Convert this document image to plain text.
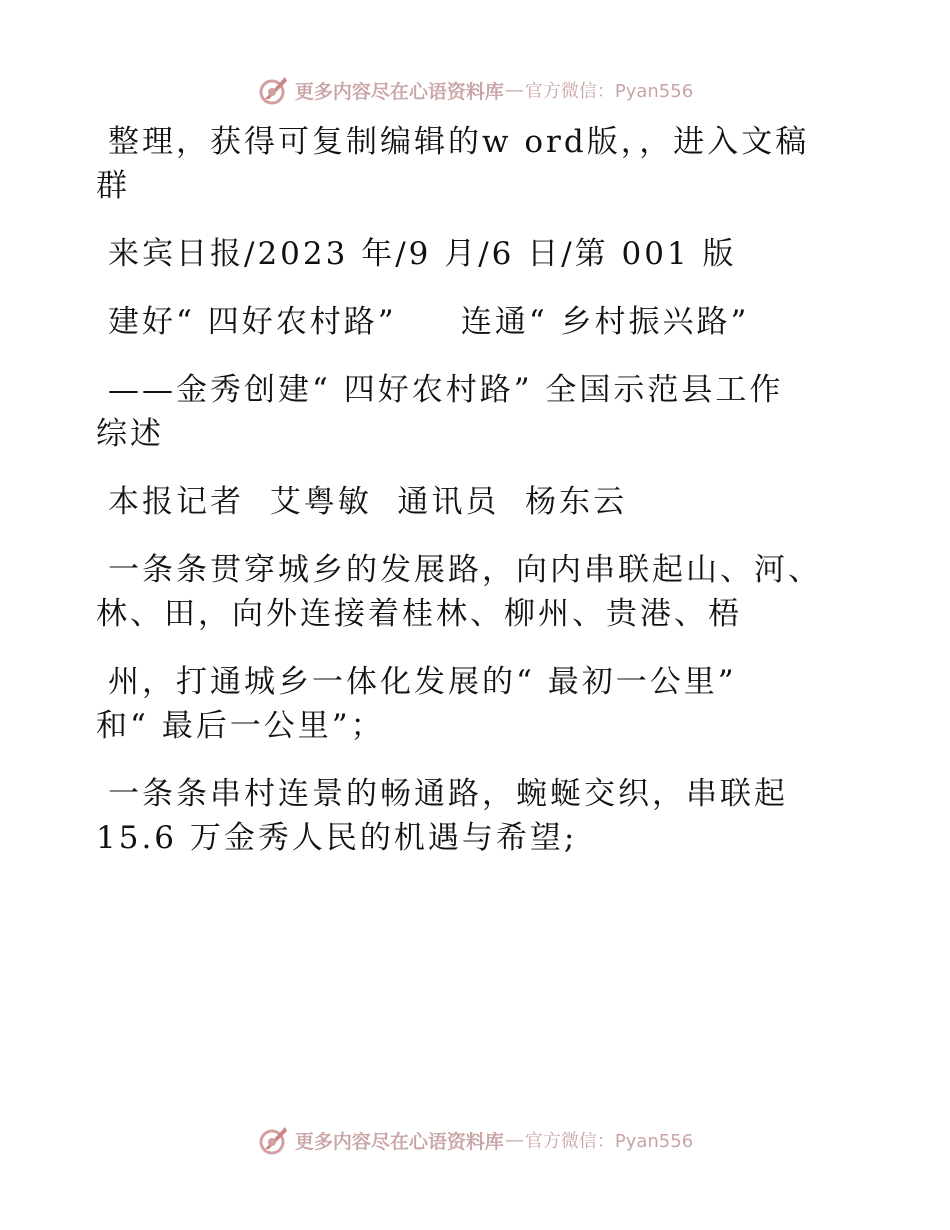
更多内容尽在心语资料库 — 官方微信：Pyan556

整理，获得可复制编辑的w ord版，，进入文稿
群

来宾日报/2023 年/9 月/6 日/第 001 版

建好“ 四好农村路”     连通“ 乡村振兴路”

——金秀创建“ 四好农村路” 全国示范县工作
综述

本报记者  艾粤敏  通讯员  杨东云

一条条贯穿城乡的发展路，向内串联起山、河、
林、田，向外连接着桂林、柳州、贵港、梧

州，打通城乡一体化发展的“ 最初一公里”
和“ 最后一公里”；

一条条串村连景的畅通路，蜿蜒交织，串联起
15.6 万金秀人民的机遇与希望;

更多内容尽在心语资料库 — 官方微信：Pyan556
